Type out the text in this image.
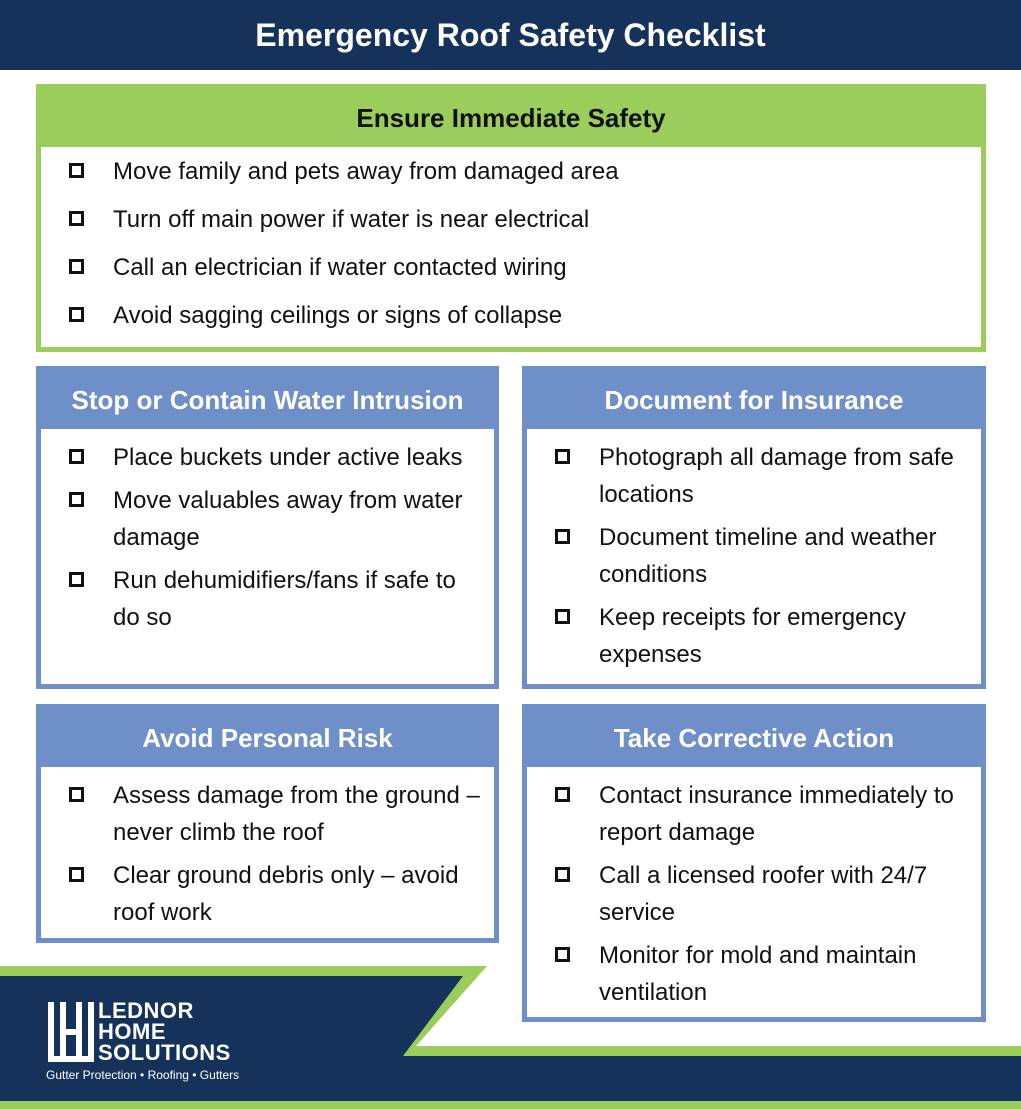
Emergency Roof Safety Checklist
Ensure Immediate Safety
Move family and pets away from damaged area
Turn off main power if water is near electrical
Call an electrician if water contacted wiring
Avoid sagging ceilings or signs of collapse
Stop or Contain Water Intrusion
Place buckets under active leaks
Move valuables away from water damage
Run dehumidifiers/fans if safe to do so
Document for Insurance
Photograph all damage from safe locations
Document timeline and weather conditions
Keep receipts for emergency expenses
Avoid Personal Risk
Assess damage from the ground – never climb the roof
Clear ground debris only – avoid roof work
Take Corrective Action
Contact insurance immediately to report damage
Call a licensed roofer with 24/7 service
Monitor for mold and maintain ventilation
LEDNOR
HOME
SOLUTIONS
Gutter Protection • Roofing • Gutters
